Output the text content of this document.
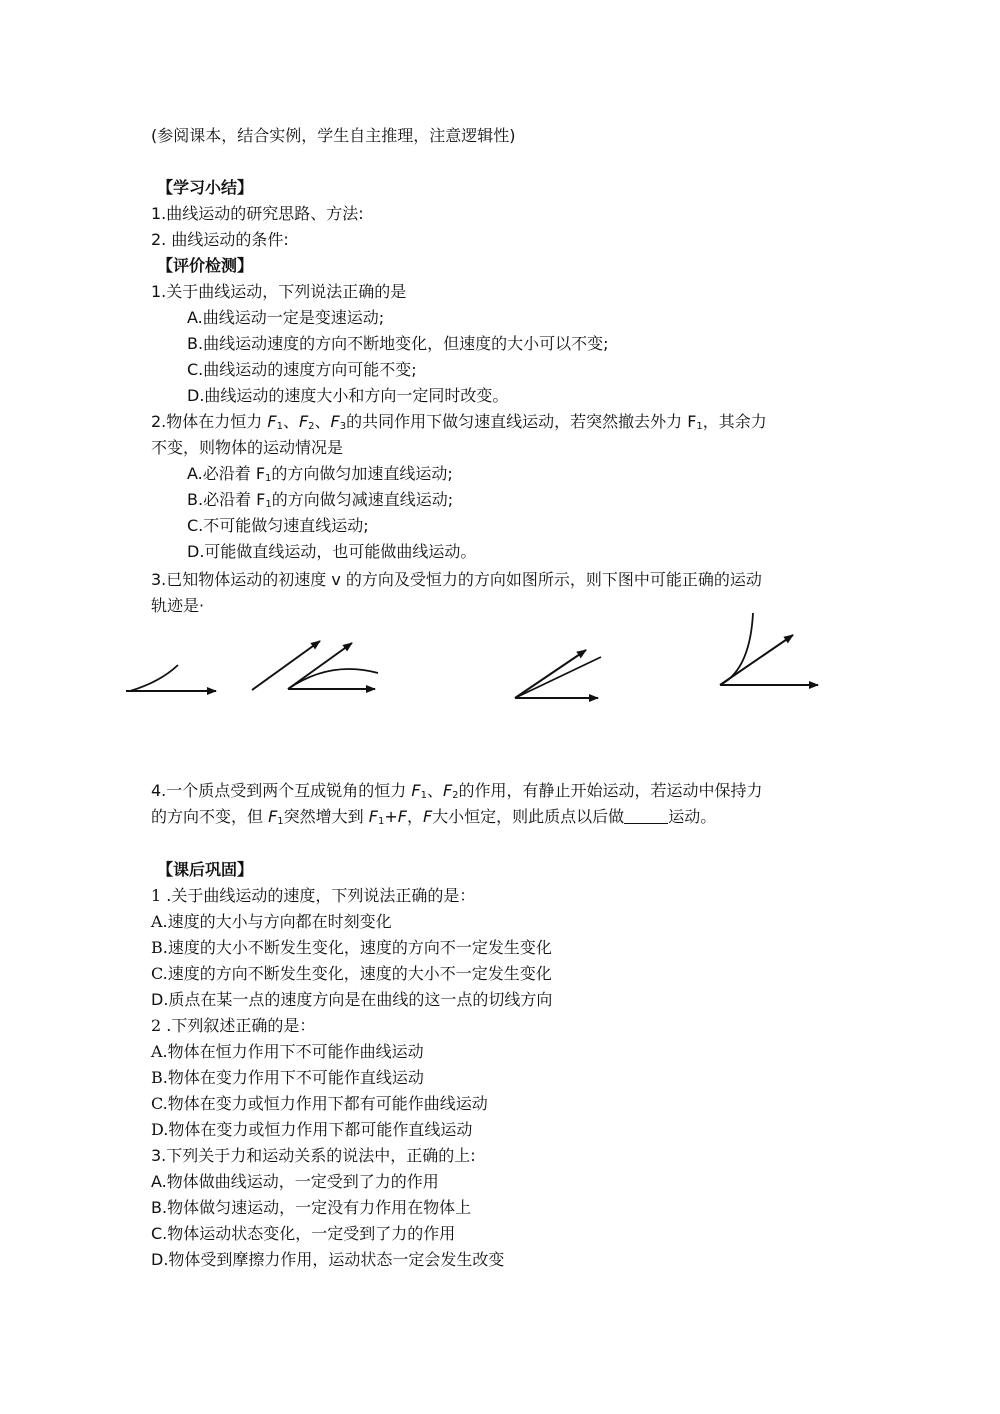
(参阅课本，结合实例，学生自主推理，注意逻辑性)
【学习小结】
1.曲线运动的研究思路、方法:
2. 曲线运动的条件:
【评价检测】
1.关于曲线运动，下列说法正确的是
A.曲线运动一定是变速运动;
B.曲线运动速度的方向不断地变化，但速度的大小可以不变;
C.曲线运动的速度方向可能不变;
D.曲线运动的速度大小和方向一定同时改变。
2.物体在力恒力 $F_1$、$F_2$、$F_3$的共同作用下做匀速直线运动，若突然撤去外力 $F_1$，其余力
不变，则物体的运动情况是
A.必沿着 $F_1$的方向做匀加速直线运动;
B.必沿着 $F_1$的方向做匀减速直线运动;
C.不可能做匀速直线运动;
D.可能做直线运动，也可能做曲线运动。
3.已知物体运动的初速度 v 的方向及受恒力的方向如图所示，则下图中可能正确的运动
轨迹是·
4.一个质点受到两个互成锐角的恒力 $F_1$、$F_2$的作用，有静止开始运动，若运动中保持力
的方向不变，但 $F_1$突然增大到 $F_1+F$，F大小恒定，则此质点以后做	运动。
【课后巩固】
1 .关于曲线运动的速度，下列说法正确的是：
A.速度的大小与方向都在时刻变化
B.速度的大小不断发生变化，速度的方向不一定发生变化
C.速度的方向不断发生变化，速度的大小不一定发生变化
D.质点在某一点的速度方向是在曲线的这一点的切线方向
2 .下列叙述正确的是：
A.物体在恒力作用下不可能作曲线运动
B.物体在变力作用下不可能作直线运动
C.物体在变力或恒力作用下都有可能作曲线运动
D.物体在变力或恒力作用下都可能作直线运动
3.下列关于力和运动关系的说法中，正确的上:
A.物体做曲线运动，一定受到了力的作用
B.物体做匀速运动，一定没有力作用在物体上
C.物体运动状态变化，一定受到了力的作用
D.物体受到摩擦力作用，运动状态一定会发生改变
